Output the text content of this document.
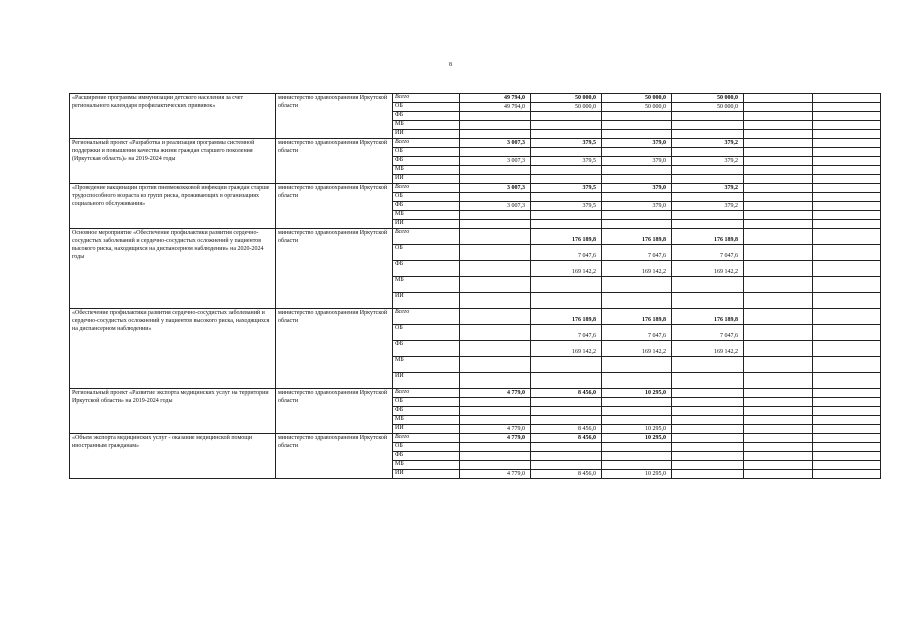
8
«Расширение программы иммунизации детского населения за счет регионального календаря профилактических прививок»	министерство здравоохранения Иркутской области	Всего	49 794,0	50 000,0	50 000,0	50 000,0		
		ОБ	49 794,0	50 000,0	50 000,0	50 000,0		
		ФБ						
		МБ						
		ИИ						
Региональный проект «Разработка и реализация программы системной поддержки и повышения качества жизни граждан старшего поколения (Иркутская область)» на 2019-2024 годы	министерство здравоохранения Иркутской области	Всего	3 007,3	379,5	379,0	379,2		
		ОБ						
		ФБ	3 007,3	379,5	379,0	379,2		
		МБ						
		ИИ						
«Проведение вакцинации против пневмококковой инфекции граждан старше трудоспособного возраста из групп риска, проживающих в организациях социального обслуживания»	министерство здравоохранения Иркутской области	Всего	3 007,3	379,5	379,0	379,2		
		ОБ						
		ФБ	3 007,3	379,5	379,0	379,2		
		МБ						
		ИИ						
Основное мероприятие «Обеспечение профилактики развития сердечно-сосудистых заболеваний и сердечно-сосудистых осложнений у пациентов высокого риска, находящихся на диспансерном наблюдении» на 2020-2024 годы	министерство здравоохранения Иркутской области	Всего		176 189,8	176 189,8	176 189,8		
		ОБ		7 047,6	7 047,6	7 047,6		
		ФБ		169 142,2	169 142,2	169 142,2		
		МБ						
		ИИ						
«Обеспечение профилактики развития сердечно-сосудистых заболеваний и сердечно-сосудистых осложнений у пациентов высокого риска, находящихся на диспансерном наблюдении»	министерство здравоохранения Иркутской области	Всего		176 189,8	176 189,8	176 189,8		
		ОБ		7 047,6	7 047,6	7 047,6		
		ФБ		169 142,2	169 142,2	169 142,2		
		МБ						
		ИИ						
Региональный проект «Развитие экспорта медицинских услуг на территории Иркутской области» на 2019-2024 годы	министерство здравоохранения Иркутской области	Всего	4 779,0	8 456,0	10 295,0			
		ОБ						
		ФБ						
		МБ						
		ИИ	4 779,0	8 456,0	10 295,0			
«Объем экспорта медицинских услуг - оказание медицинской помощи иностранным гражданам»	министерство здравоохранения Иркутской области	Всего	4 779,0	8 456,0	10 295,0			
		ОБ						
		ФБ						
		МБ						
		ИИ	4 779,0	8 456,0	10 295,0			
